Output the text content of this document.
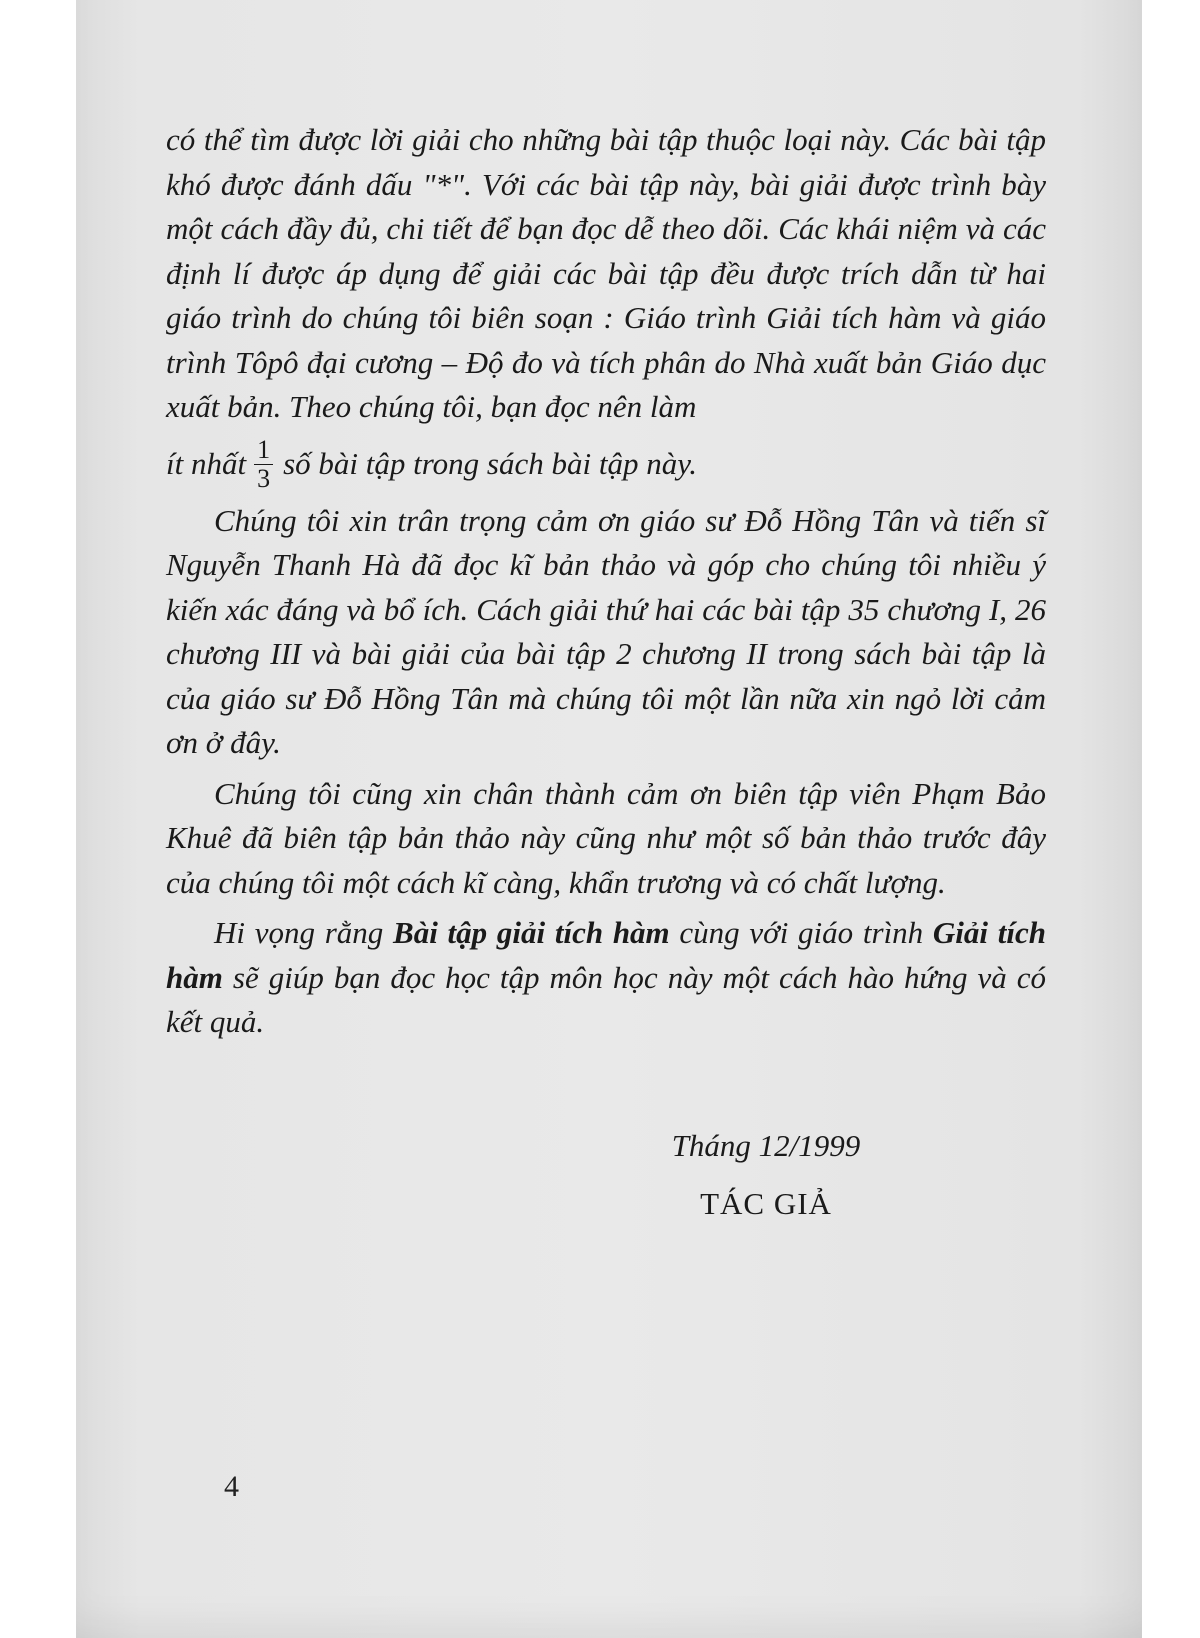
có thể tìm được lời giải cho những bài tập thuộc loại này. Các bài tập khó được đánh dấu "*". Với các bài tập này, bài giải được trình bày một cách đầy đủ, chi tiết để bạn đọc dễ theo dõi. Các khái niệm và các định lí được áp dụng để giải các bài tập đều được trích dẫn từ hai giáo trình do chúng tôi biên soạn : Giáo trình Giải tích hàm và giáo trình Tôpô đại cương – Độ đo và tích phân do Nhà xuất bản Giáo dục xuất bản. Theo chúng tôi, bạn đọc nên làm

ít nhất $\frac{1}{3}$ số bài tập trong sách bài tập này.

Chúng tôi xin trân trọng cảm ơn giáo sư Đỗ Hồng Tân và tiến sĩ Nguyễn Thanh Hà đã đọc kĩ bản thảo và góp cho chúng tôi nhiều ý kiến xác đáng và bổ ích. Cách giải thứ hai các bài tập 35 chương I, 26 chương III và bài giải của bài tập 2 chương II trong sách bài tập là của giáo sư Đỗ Hồng Tân mà chúng tôi một lần nữa xin ngỏ lời cảm ơn ở đây.

Chúng tôi cũng xin chân thành cảm ơn biên tập viên Phạm Bảo Khuê đã biên tập bản thảo này cũng như một số bản thảo trước đây của chúng tôi một cách kĩ càng, khẩn trương và có chất lượng.

Hi vọng rằng Bài tập giải tích hàm cùng với giáo trình Giải tích hàm sẽ giúp bạn đọc học tập môn học này một cách hào hứng và có kết quả.

Tháng 12/1999
TÁC GIẢ
4
